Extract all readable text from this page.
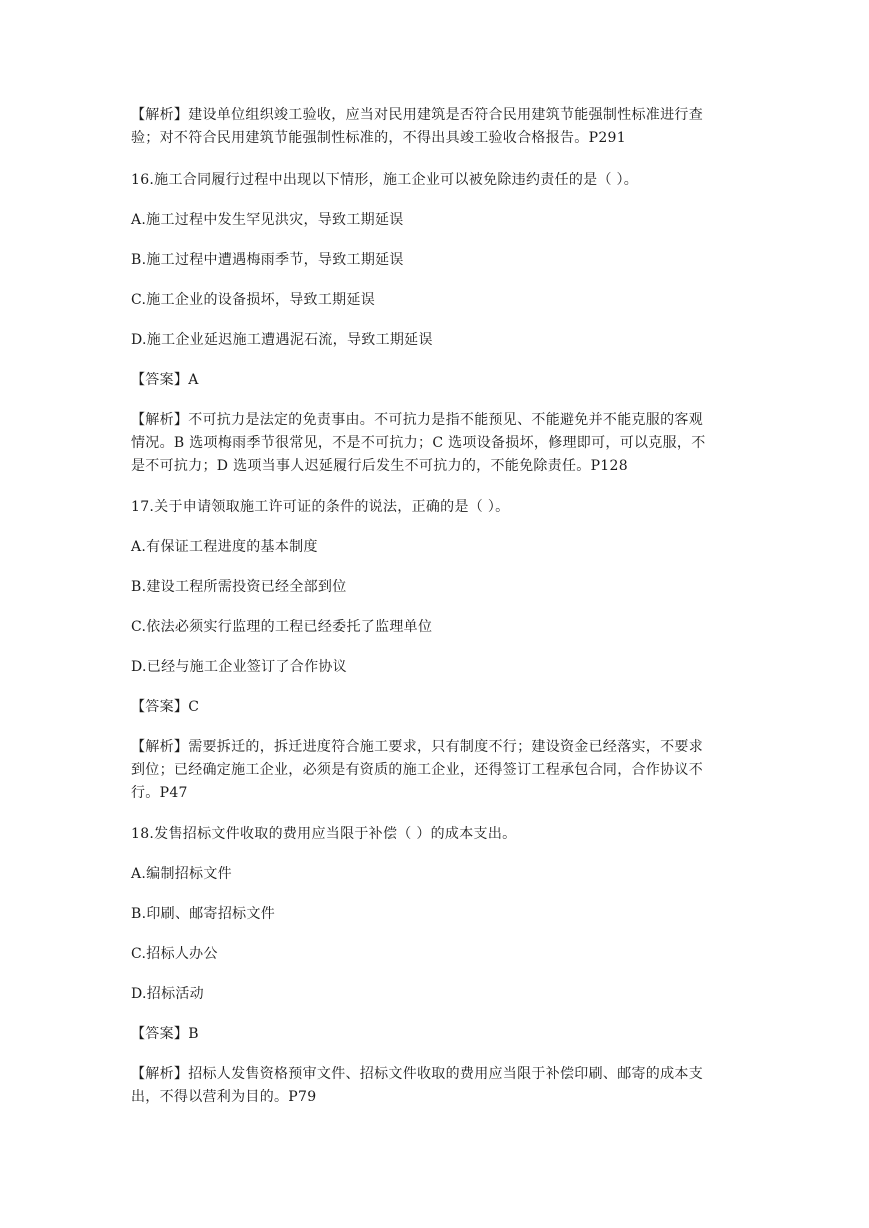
【解析】建设单位组织竣工验收，应当对民用建筑是否符合民用建筑节能强制性标准进行查
验；对不符合民用建筑节能强制性标准的，不得出具竣工验收合格报告。P291
16.施工合同履行过程中出现以下情形，施工企业可以被免除违约责任的是（ ）。
A.施工过程中发生罕见洪灾，导致工期延误
B.施工过程中遭遇梅雨季节，导致工期延误
C.施工企业的设备损坏，导致工期延误
D.施工企业延迟施工遭遇泥石流，导致工期延误
【答案】A
【解析】不可抗力是法定的免责事由。不可抗力是指不能预见、不能避免并不能克服的客观
情况。B 选项梅雨季节很常见，不是不可抗力；C 选项设备损坏，修理即可，可以克服，不
是不可抗力；D 选项当事人迟延履行后发生不可抗力的，不能免除责任。P128
17.关于申请领取施工许可证的条件的说法，正确的是（ ）。
A.有保证工程进度的基本制度
B.建设工程所需投资已经全部到位
C.依法必须实行监理的工程已经委托了监理单位
D.已经与施工企业签订了合作协议
【答案】C
【解析】需要拆迁的，拆迁进度符合施工要求，只有制度不行；建设资金已经落实，不要求
到位；已经确定施工企业，必须是有资质的施工企业，还得签订工程承包合同，合作协议不
行。P47
18.发售招标文件收取的费用应当限于补偿（ ）的成本支出。
A.编制招标文件
B.印刷、邮寄招标文件
C.招标人办公
D.招标活动
【答案】B
【解析】招标人发售资格预审文件、招标文件收取的费用应当限于补偿印刷、邮寄的成本支
出，不得以营利为目的。P79
